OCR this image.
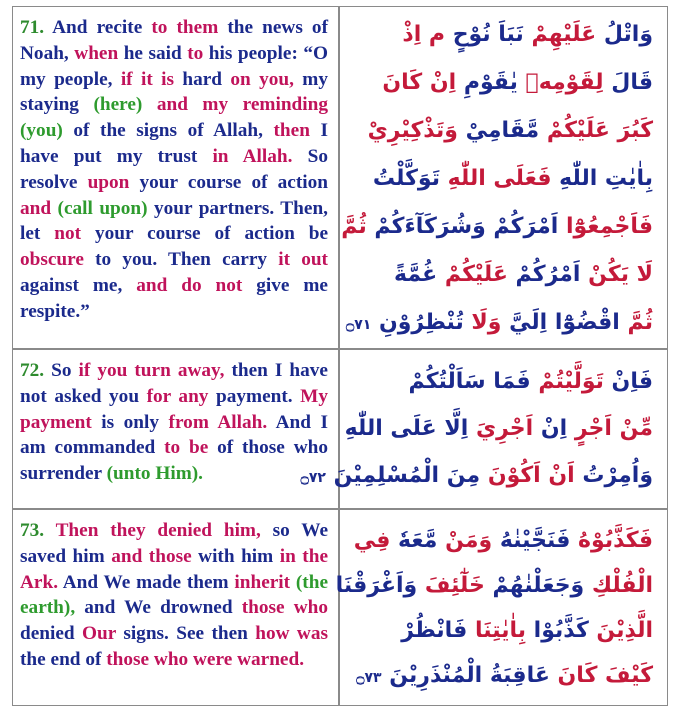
71. And recite to them the news of Noah, when he said to his people: “O my people, if it is hard on you, my staying (here) and my reminding (you) of the signs of Allah, then I have put my trust in Allah. So resolve upon your course of action and (call upon) your partners. Then, let not your course of action be obscure to you. Then carry it out against me, and do not give me respite.”

وَاتْلُ عَلَيْهِمْ نَبَاَ نُوْحٍ م اِذْ
قَالَ لِقَوْمِهٖ يٰقَوْمِ اِنْ كَانَ
كَبُرَ عَلَيْكُمْ مَّقَامِيْ وَتَذْكِيْرِيْ
بِاٰيٰتِ اللّٰهِ فَعَلَى اللّٰهِ تَوَكَّلْتُ
فَاَجْمِعُوْٓا اَمْرَكُمْ وَشُرَكَآءَكُمْ ثُمَّ
لَا يَكُنْ اَمْرُكُمْ عَلَيْكُمْ غُمَّةً
ثُمَّ اقْضُوْٓا اِلَيَّ وَلَا تُنْظِرُوْنِ ۝٧١

72. So if you turn away, then I have not asked you for any payment. My payment is only from Allah. And I am commanded to be of those who surrender (unto Him).

فَاِنْ تَوَلَّيْتُمْ فَمَا سَاَلْتُكُمْ
مِّنْ اَجْرٍ اِنْ اَجْرِيَ اِلَّا عَلَى اللّٰهِ
وَاُمِرْتُ اَنْ اَكُوْنَ مِنَ الْمُسْلِمِيْنَ ۝٧٢

73. Then they denied him, so We saved him and those with him in the Ark. And We made them inherit (the earth), and We drowned those who denied Our signs. See then how was the end of those who were warned.

فَكَذَّبُوْهُ فَنَجَّيْنٰهُ وَمَنْ مَّعَهٗ فِي
الْفُلْكِ وَجَعَلْنٰهُمْ خَلٰٓئِفَ وَاَغْرَقْنَا
الَّذِيْنَ كَذَّبُوْا بِاٰيٰتِنَا فَانْظُرْ
كَيْفَ كَانَ عَاقِبَةُ الْمُنْذَرِيْنَ ۝٧٣
